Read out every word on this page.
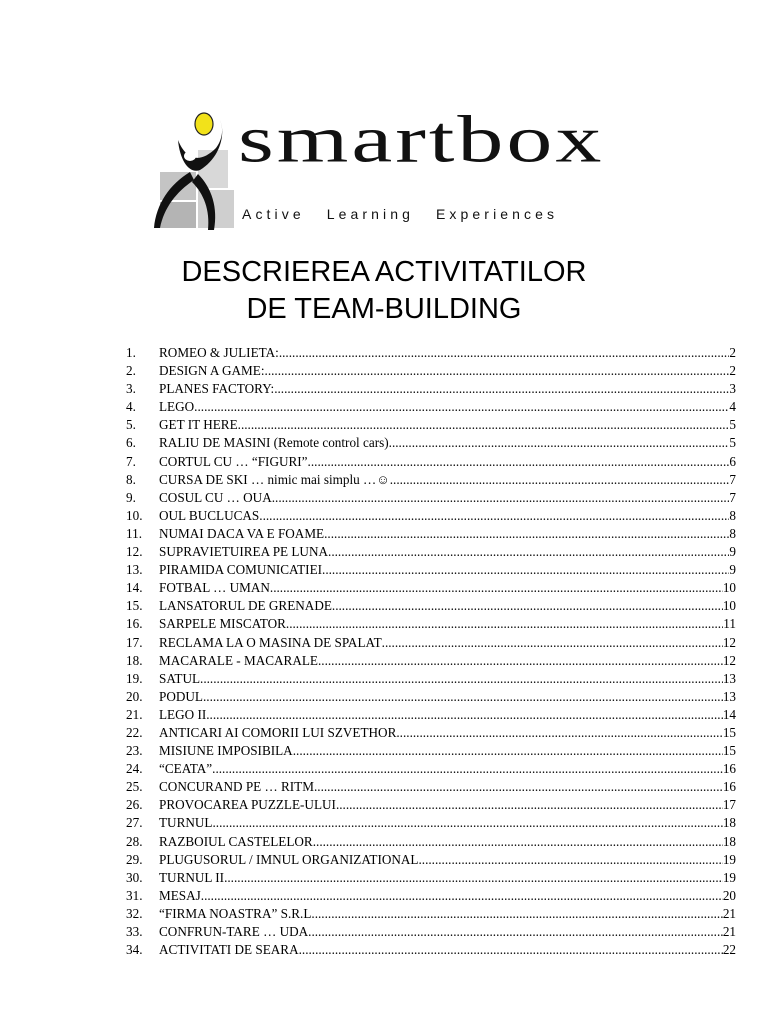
smartbox
Active Learning Experiences
DESCRIEREA ACTIVITATILOR
DE TEAM-BUILDING
1.	ROMEO & JULIETA: .....	2
2.	DESIGN A GAME: .....	2
3.	PLANES FACTORY: .....	3
4.	LEGO .....	4
5.	GET IT HERE .....	5
6.	RALIU DE MASINI (Remote control cars) .....	5
7.	CORTUL CU … “FIGURI” .....	6
8.	CURSA DE SKI … nimic mai simplu …☺ .....	7
9.	COSUL CU … OUA .....	7
10.	OUL BUCLUCAS .....	8
11.	NUMAI DACA VA E FOAME .....	8
12.	SUPRAVIETUIREA PE LUNA .....	9
13.	PIRAMIDA COMUNICATIEI .....	9
14.	FOTBAL … UMAN .....	10
15.	LANSATORUL DE GRENADE .....	10
16.	SARPELE MISCATOR .....	11
17.	RECLAMA LA O MASINA DE SPALAT .....	12
18.	MACARALE - MACARALE .....	12
19.	SATUL .....	13
20.	PODUL .....	13
21.	LEGO II .....	14
22.	ANTICARI AI COMORII LUI SZVETHOR .....	15
23.	MISIUNE IMPOSIBILA .....	15
24.	“CEATA” .....	16
25.	CONCURAND PE … RITM .....	16
26.	PROVOCAREA PUZZLE-ULUI .....	17
27.	TURNUL .....	18
28.	RAZBOIUL CASTELELOR .....	18
29.	PLUGUSORUL / IMNUL ORGANIZATIONAL .....	19
30.	TURNUL II .....	19
31.	MESAJ .....	20
32.	“FIRMA NOASTRA” S.R.L. .....	21
33.	CONFRUN-TARE … UDA .....	21
34.	ACTIVITATI DE SEARA .....	22
